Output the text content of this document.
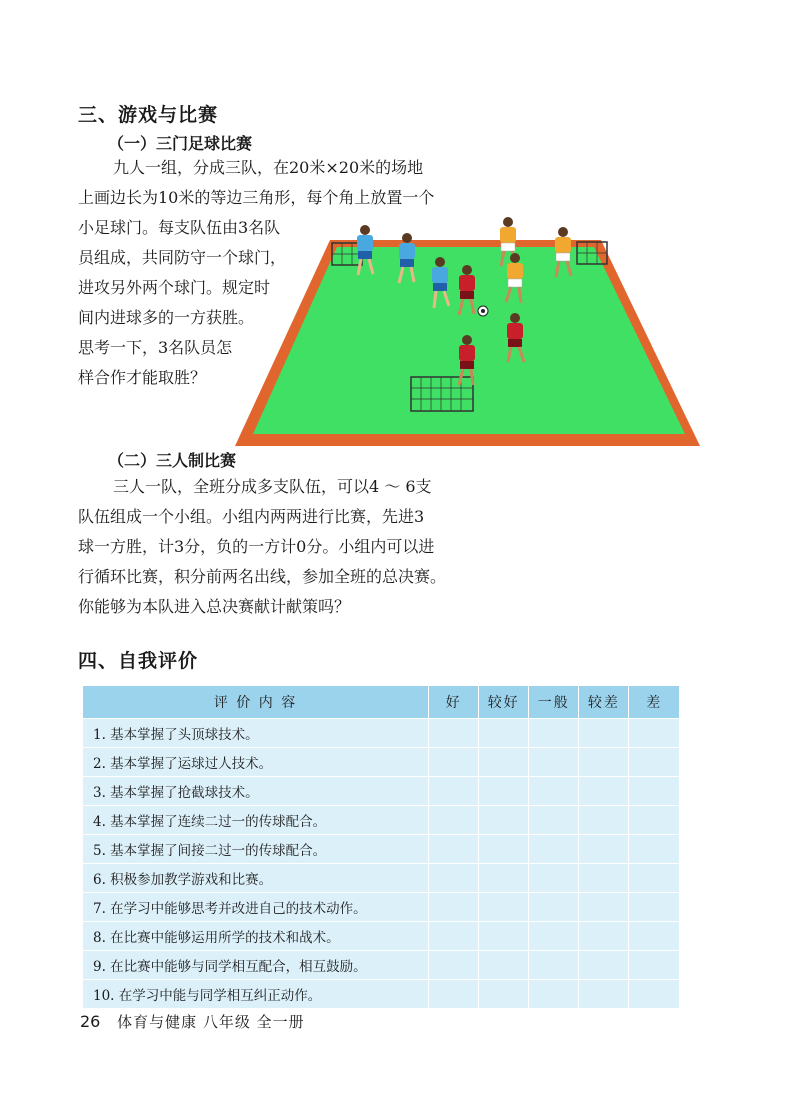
三、游戏与比赛
（一）三门足球比赛

九人一组，分成三队，在20米×20米的场地

上画边长为10米的等边三角形，每个角上放置一个

小足球门。每支队伍由3名队

员组成，共同防守一个球门，

进攻另外两个球门。规定时

间内进球多的一方获胜。

思考一下，3名队员怎

样合作才能取胜？

（二）三人制比赛

三人一队，全班分成多支队伍，可以4 ～ 6支

队伍组成一个小组。小组内两两进行比赛，先进3

球一方胜，计3分，负的一方计0分。小组内可以进

行循环比赛，积分前两名出线，参加全班的总决赛。

你能够为本队进入总决赛献计献策吗？

四、自我评价
评 价 内 容	好	较好	一般	较差	差
1. 基本掌握了头顶球技术。					
2. 基本掌握了运球过人技术。					
3. 基本掌握了抢截球技术。					
4. 基本掌握了连续二过一的传球配合。					
5. 基本掌握了间接二过一的传球配合。					
6. 积极参加教学游戏和比赛。					
7. 在学习中能够思考并改进自己的技术动作。					
8. 在比赛中能够运用所学的技术和战术。					
9. 在比赛中能够与同学相互配合，相互鼓励。					
10. 在学习中能与同学相互纠正动作。					
26 体育与健康 八年级 全一册
